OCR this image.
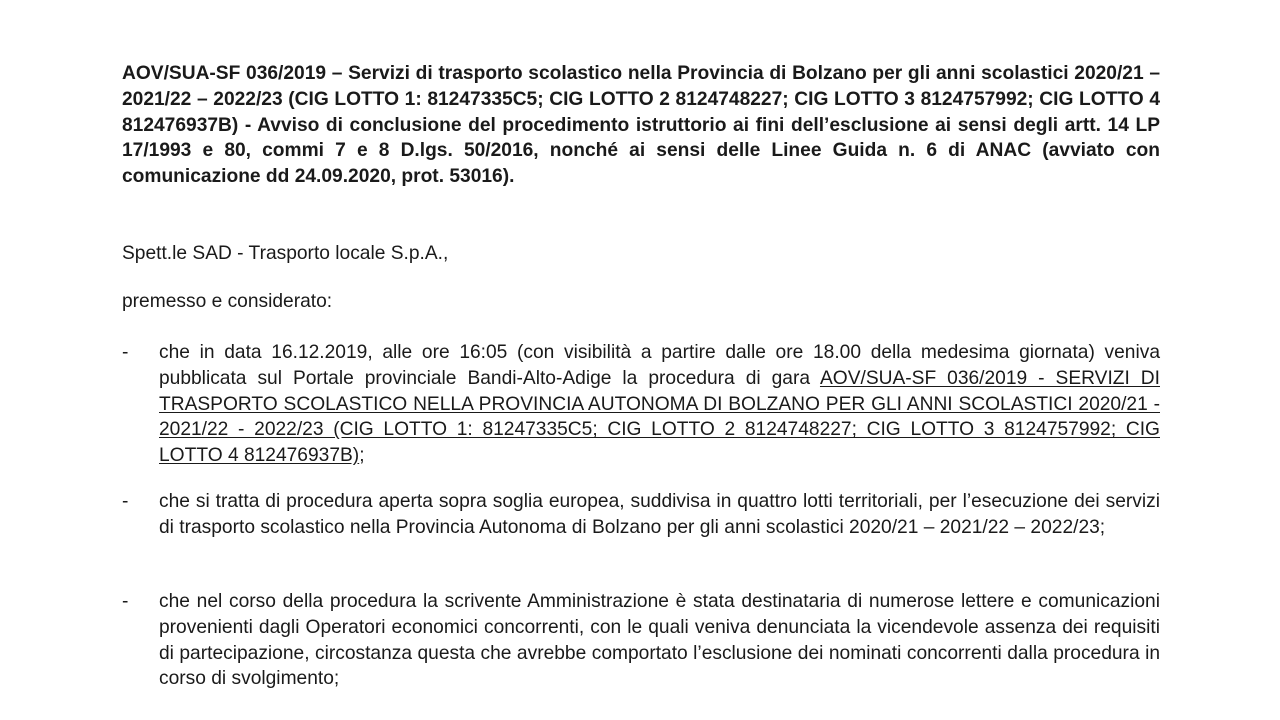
AOV/SUA-SF 036/2019 – Servizi di trasporto scolastico nella Provincia di Bolzano per gli anni scolastici 2020/21 – 2021/22 – 2022/23 (CIG LOTTO 1: 81247335C5; CIG LOTTO 2 8124748227; CIG LOTTO 3 8124757992; CIG LOTTO 4 812476937B) - Avviso di conclusione del procedimento istruttorio ai fini dell’esclusione ai sensi degli artt. 14 LP 17/1993 e 80, commi 7 e 8 D.lgs. 50/2016, nonché ai sensi delle Linee Guida n. 6 di ANAC (avviato con comunicazione dd 24.09.2020, prot. 53016).

Spett.le SAD - Trasporto locale S.p.A.,

premesso e considerato:

- che in data 16.12.2019, alle ore 16:05 (con visibilità a partire dalle ore 18.00 della medesima giornata) veniva pubblicata sul Portale provinciale Bandi-Alto-Adige la procedura di gara AOV/SUA-SF 036/2019 - SERVIZI DI TRASPORTO SCOLASTICO NELLA PROVINCIA AUTONOMA DI BOLZANO PER GLI ANNI SCOLASTICI 2020/21 - 2021/22 - 2022/23 (CIG LOTTO 1: 81247335C5; CIG LOTTO 2 8124748227; CIG LOTTO 3 8124757992; CIG LOTTO 4 812476937B);
- che si tratta di procedura aperta sopra soglia europea, suddivisa in quattro lotti territoriali, per l’esecuzione dei servizi di trasporto scolastico nella Provincia Autonoma di Bolzano per gli anni scolastici 2020/21 – 2021/22 – 2022/23;
- che nel corso della procedura la scrivente Amministrazione è stata destinataria di numerose lettere e comunicazioni provenienti dagli Operatori economici concorrenti, con le quali veniva denunciata la vicendevole assenza dei requisiti di partecipazione, circostanza questa che avrebbe comportato l’esclusione dei nominati concorrenti dalla procedura in corso di svolgimento;
